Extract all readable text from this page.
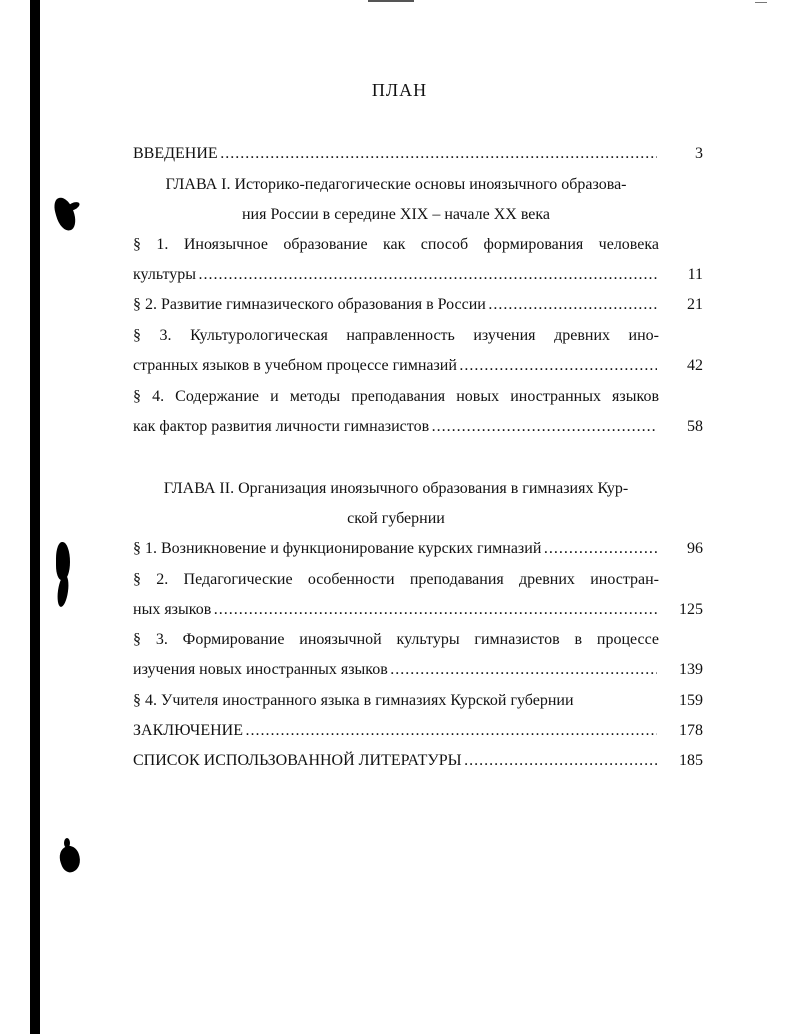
ПЛАН
ВВЕДЕНИЕ . . .	3
ГЛАВА I. Историко-педагогические основы иноязычного образова-
ния России в середине XIX – начале XX века
§ 1. Иноязычное образование как способ формирования человека
культуры . . .	11
§ 2. Развитие гимназического образования в России . . .	21
§ 3. Культурологическая направленность изучения древних ино-
странных языков в учебном процессе гимназий . . .	42
§ 4. Содержание и методы преподавания новых иностранных языков
как фактор развития личности гимназистов . . .	58
ГЛАВА II. Организация иноязычного образования в гимназиях Кур-
ской губернии
§ 1. Возникновение и функционирование курских гимназий . . .	96
§ 2. Педагогические особенности преподавания древних иностран-
ных языков . . .	125
§ 3. Формирование иноязычной культуры гимназистов в процессе
изучения новых иностранных языков . . .	139
§ 4. Учителя иностранного языка в гимназиях Курской губернии	159
ЗАКЛЮЧЕНИЕ . . .	178
СПИСОК ИСПОЛЬЗОВАННОЙ ЛИТЕРАТУРЫ . . .	185
